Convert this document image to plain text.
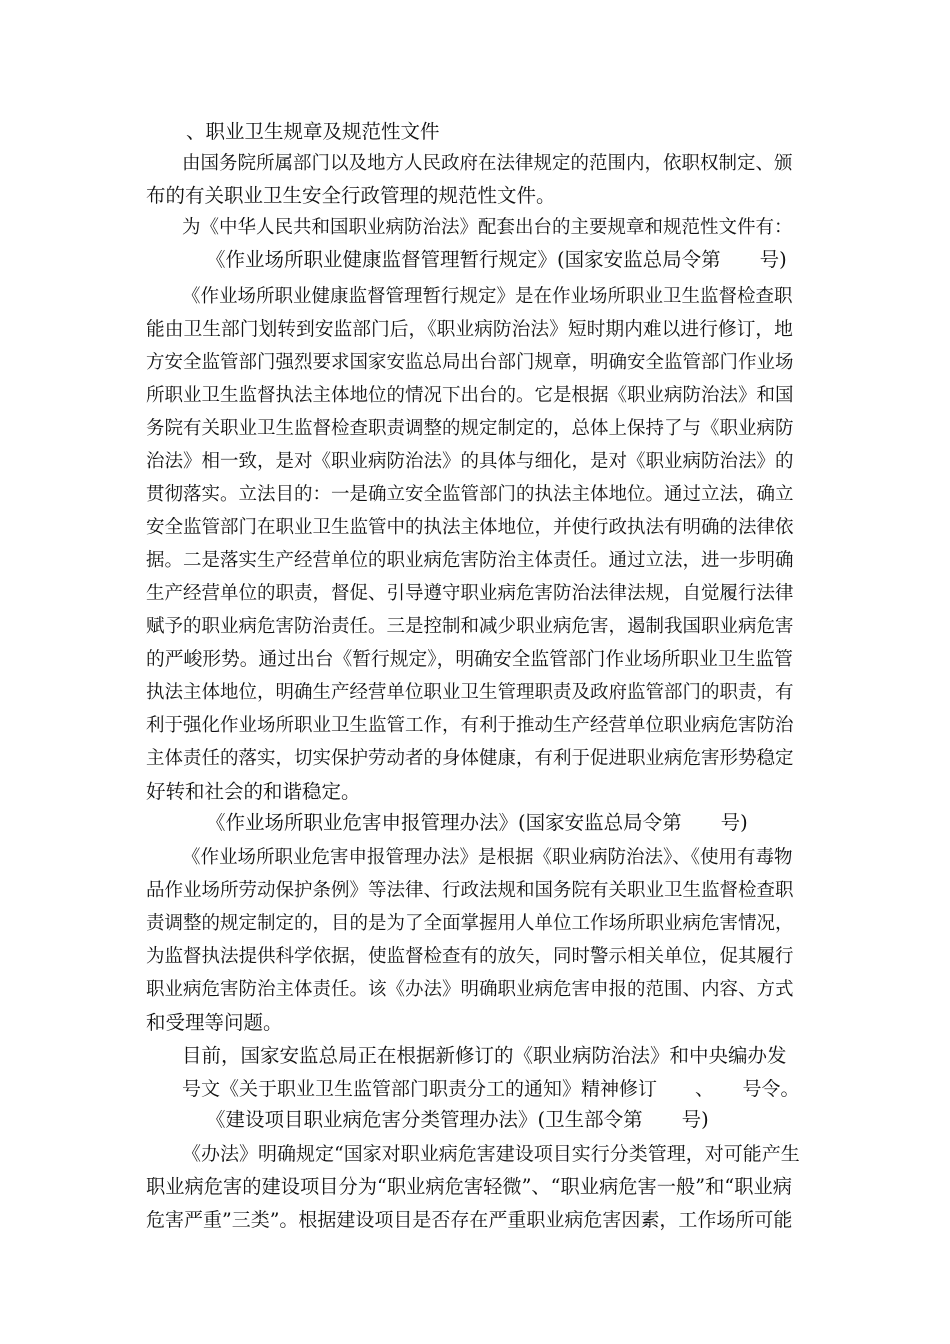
、职业卫生规章及规范性文件

由国务院所属部门以及地方人民政府在法律规定的范围内，依职权制定、颁

布的有关职业卫生安全行政管理的规范性文件。

为《中华人民共和国职业病防治法》配套出台的主要规章和规范性文件有：

《作业场所职业健康监督管理暂行规定》(国家安监总局令第　　号)

《作业场所职业健康监督管理暂行规定》是在作业场所职业卫生监督检查职

能由卫生部门划转到安监部门后，《职业病防治法》短时期内难以进行修订，地

方安全监管部门强烈要求国家安监总局出台部门规章，明确安全监管部门作业场

所职业卫生监督执法主体地位的情况下出台的。它是根据《职业病防治法》和国

务院有关职业卫生监督检查职责调整的规定制定的，总体上保持了与《职业病防

治法》相一致，是对《职业病防治法》的具体与细化，是对《职业病防治法》的

贯彻落实。立法目的：一是确立安全监管部门的执法主体地位。通过立法，确立

安全监管部门在职业卫生监管中的执法主体地位，并使行政执法有明确的法律依

据。二是落实生产经营单位的职业病危害防治主体责任。通过立法，进一步明确

生产经营单位的职责，督促、引导遵守职业病危害防治法律法规，自觉履行法律

赋予的职业病危害防治责任。三是控制和减少职业病危害，遏制我国职业病危害

的严峻形势。通过出台《暂行规定》，明确安全监管部门作业场所职业卫生监管

执法主体地位，明确生产经营单位职业卫生管理职责及政府监管部门的职责，有

利于强化作业场所职业卫生监管工作，有利于推动生产经营单位职业病危害防治

主体责任的落实，切实保护劳动者的身体健康，有利于促进职业病危害形势稳定

好转和社会的和谐稳定。

《作业场所职业危害申报管理办法》(国家安监总局令第　　号)

《作业场所职业危害申报管理办法》是根据《职业病防治法》、《使用有毒物

品作业场所劳动保护条例》等法律、行政法规和国务院有关职业卫生监督检查职

责调整的规定制定的，目的是为了全面掌握用人单位工作场所职业病危害情况，

为监督执法提供科学依据，使监督检查有的放矢，同时警示相关单位，促其履行

职业病危害防治主体责任。该《办法》明确职业病危害申报的范围、内容、方式

和受理等问题。

目前，国家安监总局正在根据新修订的《职业病防治法》和中央编办发

号文《关于职业卫生监管部门职责分工的通知》精神修订　　、　　号令。

《建设项目职业病危害分类管理办法》(卫生部令第　　号)

《办法》明确规定“国家对职业病危害建设项目实行分类管理，对可能产生

职业病危害的建设项目分为“职业病危害轻微”、“职业病危害一般”和“职业病

危害严重”三类”。根据建设项目是否存在严重职业病危害因素，工作场所可能
